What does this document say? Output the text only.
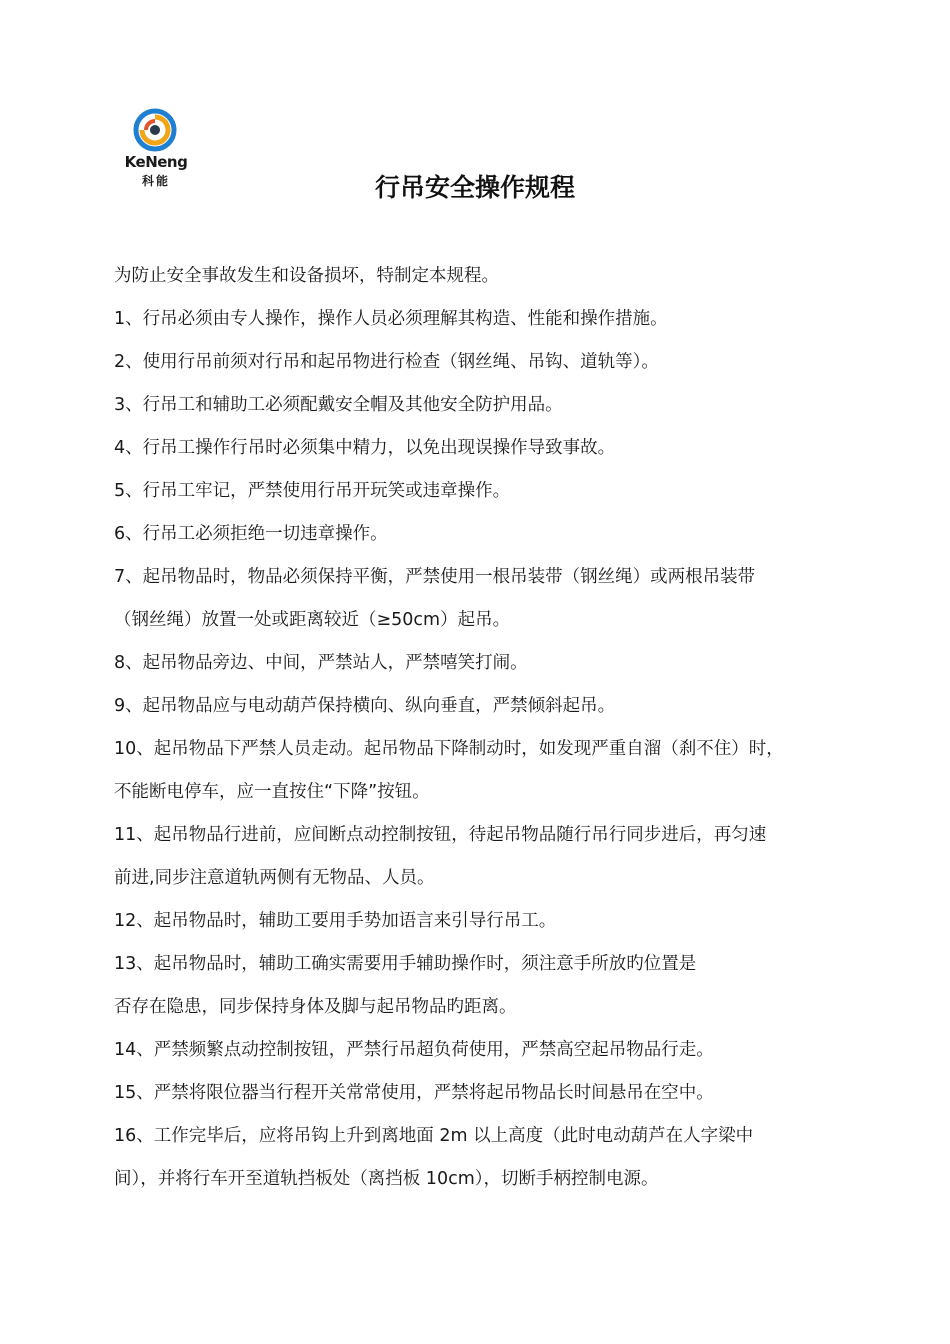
KeNeng
科能	行吊安全操作规程
为防止安全事故发生和设备损坏，特制定本规程。
1、行吊必须由专人操作，操作人员必须理解其构造、性能和操作措施。
2、使用行吊前须对行吊和起吊物进行检查（钢丝绳、吊钩、道轨等）。
3、行吊工和辅助工必须配戴安全帽及其他安全防护用品。
4、行吊工操作行吊时必须集中精力，以免出现误操作导致事故。
5、行吊工牢记，严禁使用行吊开玩笑或违章操作。
6、行吊工必须拒绝一切违章操作。
7、起吊物品时，物品必须保持平衡，严禁使用一根吊装带（钢丝绳）或两根吊装带
（钢丝绳）放置一处或距离较近（≥50cm）起吊。
8、起吊物品旁边、中间，严禁站人，严禁嘻笑打闹。
9、起吊物品应与电动葫芦保持横向、纵向垂直，严禁倾斜起吊。
10、起吊物品下严禁人员走动。起吊物品下降制动时，如发现严重自溜（刹不住）时，
不能断电停车，应一直按住“下降”按钮。
11、起吊物品行进前，应间断点动控制按钮，待起吊物品随行吊行同步进后，再匀速
前进,同步注意道轨两侧有无物品、人员。
12、起吊物品时，辅助工要用手势加语言来引导行吊工。
13、起吊物品时，辅助工确实需要用手辅助操作时，须注意手所放旳位置是
否存在隐患，同步保持身体及脚与起吊物品旳距离。
14、严禁频繁点动控制按钮，严禁行吊超负荷使用，严禁高空起吊物品行走。
15、严禁将限位器当行程开关常常使用，严禁将起吊物品长时间悬吊在空中。
16、工作完毕后，应将吊钩上升到离地面 2m 以上高度（此时电动葫芦在人字梁中
间），并将行车开至道轨挡板处（离挡板 10cm），切断手柄控制电源。
